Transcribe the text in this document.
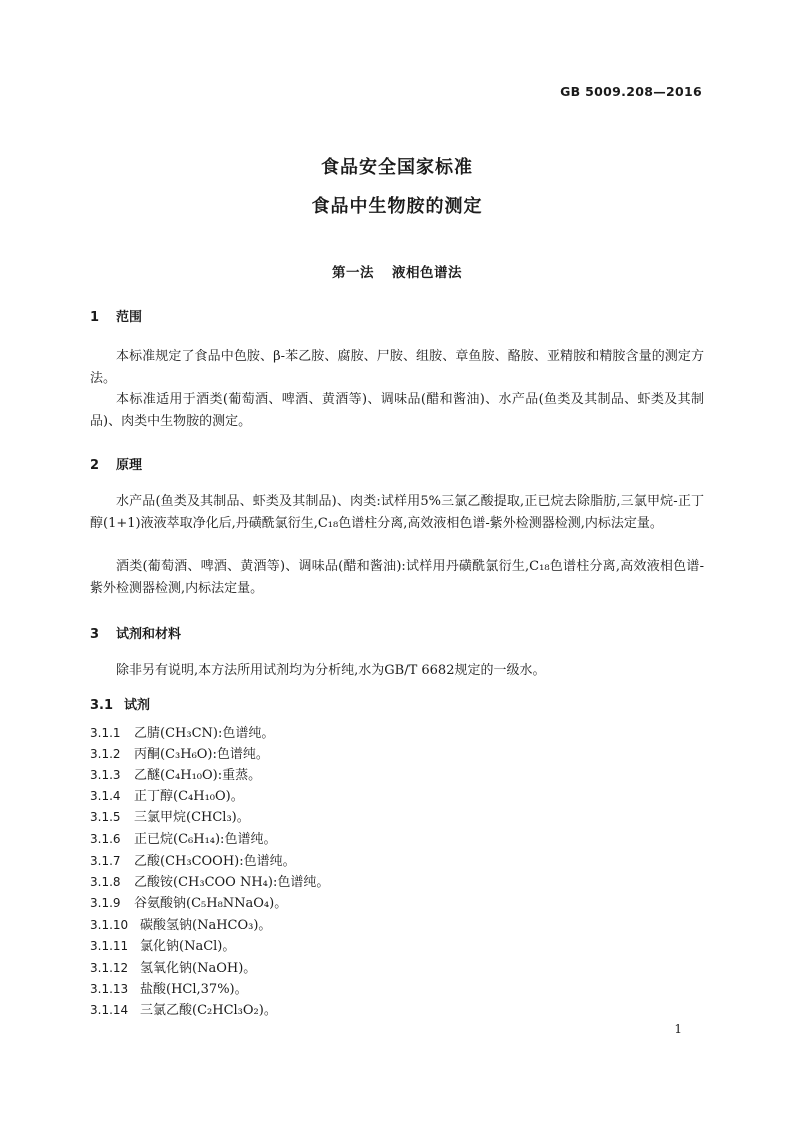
GB 5009.208—2016
食品安全国家标准
食品中生物胺的测定
第一法 液相色谱法
1 范围
本标准规定了食品中色胺、β-苯乙胺、腐胺、尸胺、组胺、章鱼胺、酪胺、亚精胺和精胺含量的测定方法。
本标准适用于酒类(葡萄酒、啤酒、黄酒等)、调味品(醋和酱油)、水产品(鱼类及其制品、虾类及其制品)、肉类中生物胺的测定。
2 原理
水产品(鱼类及其制品、虾类及其制品)、肉类:试样用5%三氯乙酸提取,正已烷去除脂肪,三氯甲烷-正丁醇(1+1)液液萃取净化后,丹磺酰氯衍生,C₁₈色谱柱分离,高效液相色谱-紫外检测器检测,内标法定量。
酒类(葡萄酒、啤酒、黄酒等)、调味品(醋和酱油):试样用丹磺酰氯衍生,C₁₈色谱柱分离,高效液相色谱-紫外检测器检测,内标法定量。
3 试剂和材料
除非另有说明,本方法所用试剂均为分析纯,水为GB/T 6682规定的一级水。
3.1 试剂
3.1.1 乙腈(CH₃CN):色谱纯。
3.1.2 丙酮(C₃H₆O):色谱纯。
3.1.3 乙醚(C₄H₁₀O):重蒸。
3.1.4 正丁醇(C₄H₁₀O)。
3.1.5 三氯甲烷(CHCl₃)。
3.1.6 正已烷(C₆H₁₄):色谱纯。
3.1.7 乙酸(CH₃COOH):色谱纯。
3.1.8 乙酸铵(CH₃COO NH₄):色谱纯。
3.1.9 谷氨酸钠(C₅H₈NNaO₄)。
3.1.10 碳酸氢钠(NaHCO₃)。
3.1.11 氯化钠(NaCl)。
3.1.12 氢氧化钠(NaOH)。
3.1.13 盐酸(HCl,37%)。
3.1.14 三氯乙酸(C₂HCl₃O₂)。
1
